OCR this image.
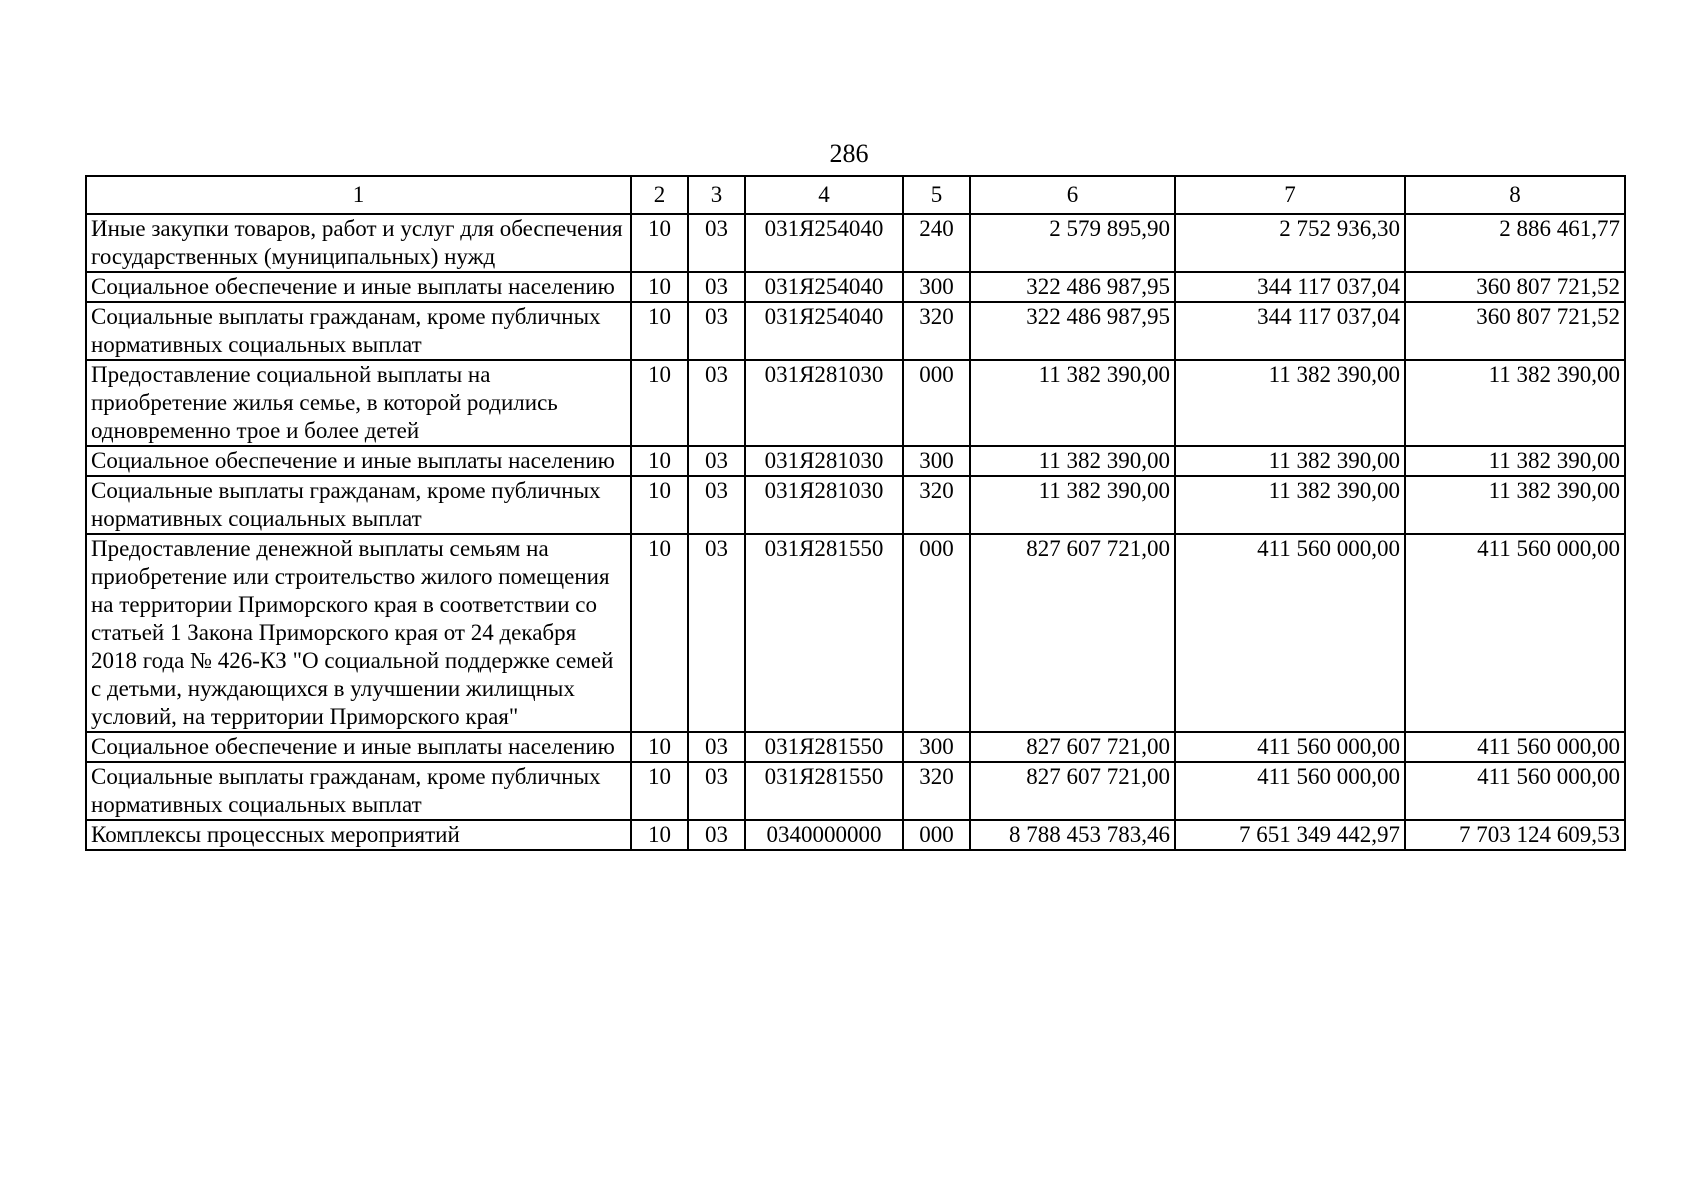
286
1	2	3	4	5	6	7	8
Иные закупки товаров, работ и услуг для обеспечения государственных (муниципальных) нужд	10	03	031Я254040	240	2 579 895,90	2 752 936,30	2 886 461,77
Социальное обеспечение и иные выплаты населению	10	03	031Я254040	300	322 486 987,95	344 117 037,04	360 807 721,52
Социальные выплаты гражданам, кроме публичных нормативных социальных выплат	10	03	031Я254040	320	322 486 987,95	344 117 037,04	360 807 721,52
Предоставление социальной выплаты на приобретение жилья семье, в которой родились одновременно трое и более детей	10	03	031Я281030	000	11 382 390,00	11 382 390,00	11 382 390,00
Социальное обеспечение и иные выплаты населению	10	03	031Я281030	300	11 382 390,00	11 382 390,00	11 382 390,00
Социальные выплаты гражданам, кроме публичных нормативных социальных выплат	10	03	031Я281030	320	11 382 390,00	11 382 390,00	11 382 390,00
Предоставление денежной выплаты семьям на приобретение или строительство жилого помещения на территории Приморского края в соответствии со статьей 1 Закона Приморского края от 24 декабря 2018 года № 426-КЗ "О социальной поддержке семей с детьми, нуждающихся в улучшении жилищных условий, на территории Приморского края"	10	03	031Я281550	000	827 607 721,00	411 560 000,00	411 560 000,00
Социальное обеспечение и иные выплаты населению	10	03	031Я281550	300	827 607 721,00	411 560 000,00	411 560 000,00
Социальные выплаты гражданам, кроме публичных нормативных социальных выплат	10	03	031Я281550	320	827 607 721,00	411 560 000,00	411 560 000,00
Комплексы процессных мероприятий	10	03	0340000000	000	8 788 453 783,46	7 651 349 442,97	7 703 124 609,53
